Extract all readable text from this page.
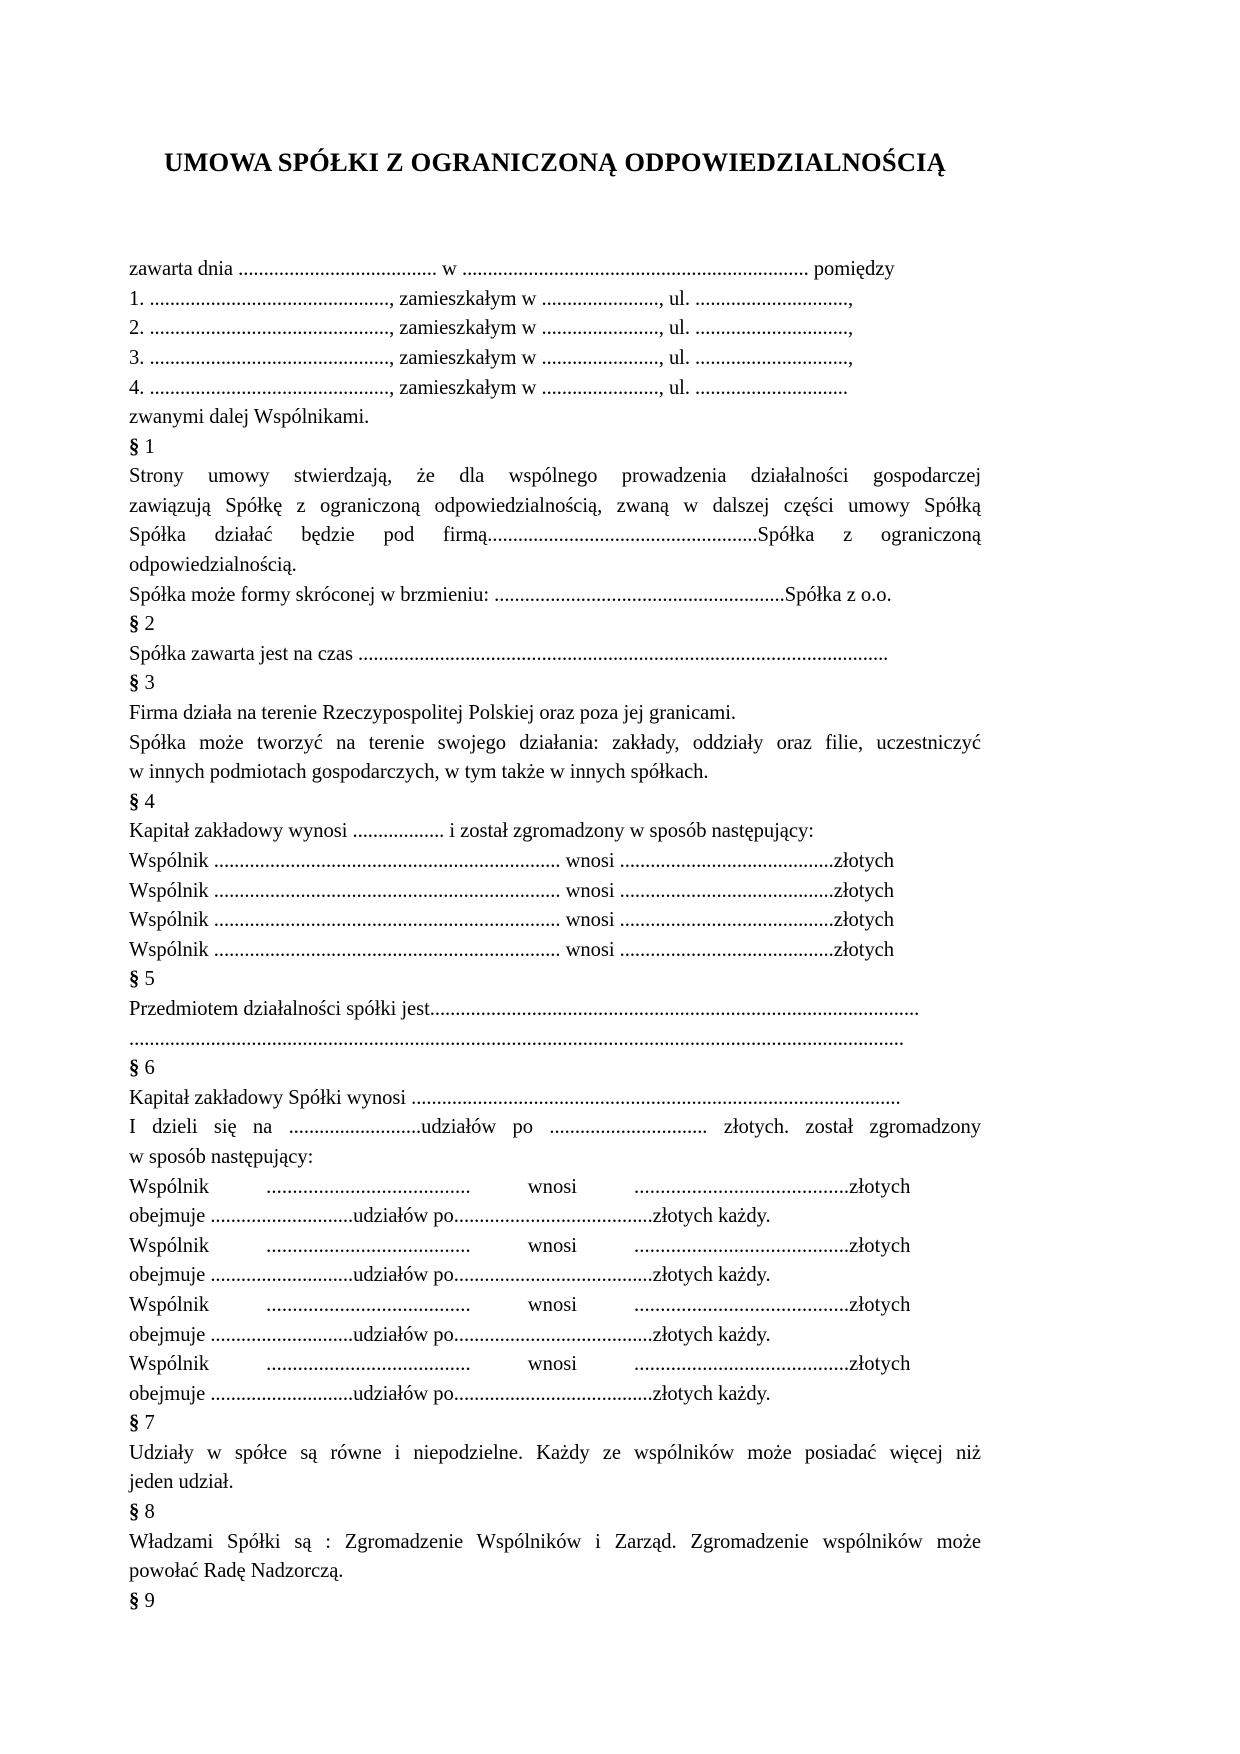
UMOWA SPÓŁKI Z OGRANICZONĄ ODPOWIEDZIALNOŚCIĄ

zawarta dnia ....................................... w .................................................................... pomiędzy

1. ..............................................., zamieszkałym w ......................., ul. ..............................,

2. ..............................................., zamieszkałym w ......................., ul. ..............................,

3. ..............................................., zamieszkałym w ......................., ul. ..............................,

4. ..............................................., zamieszkałym w ......................., ul. ..............................

zwanymi dalej Wspólnikami.

§ 1

Strony umowy stwierdzają, że dla wspólnego prowadzenia działalności gospodarczej

zawiązują Spółkę z ograniczoną odpowiedzialnością, zwaną w dalszej części umowy Spółką

Spółka działać będzie pod firmą.....................................................Spółka z ograniczoną

odpowiedzialnością.

Spółka może formy skróconej w brzmieniu: .........................................................Spółka z o.o.

§ 2

Spółka zawarta jest na czas ........................................................................................................

§ 3

Firma działa na terenie Rzeczypospolitej Polskiej oraz poza jej granicami.

Spółka może tworzyć na terenie swojego działania: zakłady, oddziały oraz filie, uczestniczyć

w innych podmiotach gospodarczych, w tym także w innych spółkach.

§ 4

Kapitał zakładowy wynosi .................. i został zgromadzony w sposób następujący:

Wspólnik .................................................................... wnosi ..........................................złotych

Wspólnik .................................................................... wnosi ..........................................złotych

Wspólnik .................................................................... wnosi ..........................................złotych

Wspólnik .................................................................... wnosi ..........................................złotych

§ 5

Przedmiotem działalności spółki jest................................................................................................

........................................................................................................................................................

§ 6

Kapitał zakładowy Spółki wynosi ................................................................................................

I dzieli się na ..........................udziałów po ............................... złotych. został zgromadzony

w sposób następujący:

Wspólnik	.......................................	wnosi	.........................................złotych

obejmuje ............................udziałów po.......................................złotych każdy.

Wspólnik	.......................................	wnosi	.........................................złotych

obejmuje ............................udziałów po.......................................złotych każdy.

Wspólnik	.......................................	wnosi	.........................................złotych

obejmuje ............................udziałów po.......................................złotych każdy.

Wspólnik	.......................................	wnosi	.........................................złotych

obejmuje ............................udziałów po.......................................złotych każdy.

§ 7

Udziały w spółce są równe i niepodzielne. Każdy ze wspólników może posiadać więcej niż

jeden udział.

§ 8

Władzami Spółki są : Zgromadzenie Wspólników i Zarząd. Zgromadzenie wspólników może

powołać Radę Nadzorczą.

§ 9
